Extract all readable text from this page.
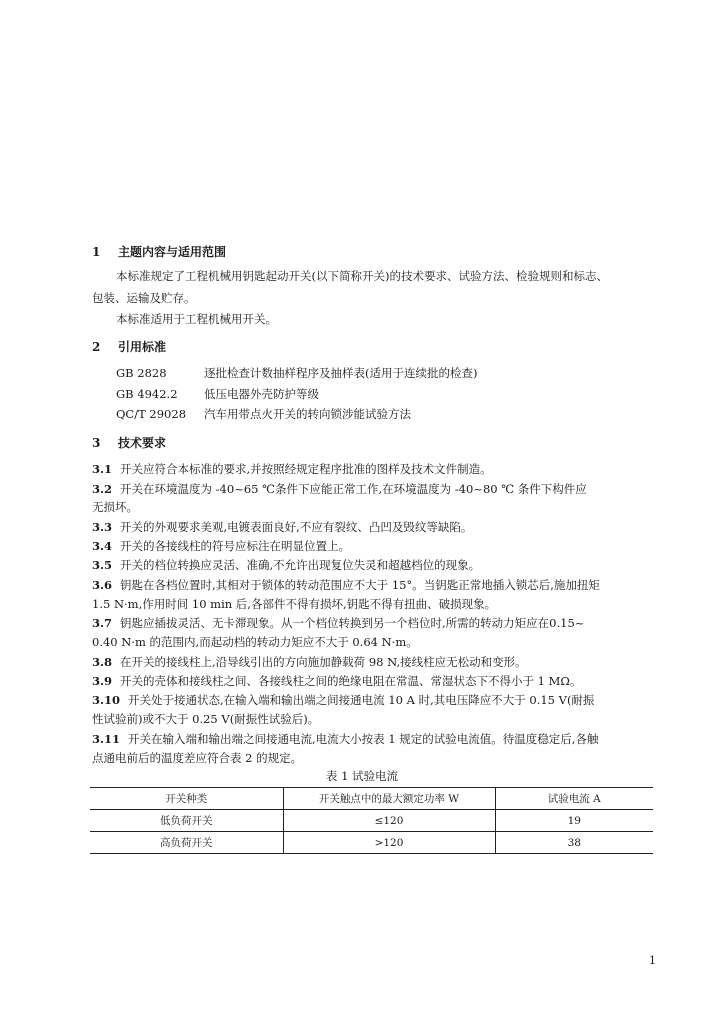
1 主题内容与适用范围
本标准规定了工程机械用钥匙起动开关(以下简称开关)的技术要求、试验方法、检验规则和标志、
包装、运输及贮存。
本标准适用于工程机械用开关。
2 引用标准
GB 2828	逐批检查计数抽样程序及抽样表(适用于连续批的检查)
GB 4942.2 低压电器外壳防护等级
QC/T 29028 汽车用带点火开关的转向锁涉能试验方法
3 技术要求
3.1 开关应符合本标准的要求,并按照经规定程序批准的图样及技术文件制造。
3.2 开关在环境温度为 -40~65 ℃条件下应能正常工作,在环境温度为 -40~80 ℃ 条件下构件应
无损坏。
3.3 开关的外观要求美观,电镀表面良好,不应有裂纹、凸凹及毁纹等缺陷。
3.4 开关的各接线柱的符号应标注在明显位置上。
3.5 开关的档位转换应灵活、准确,不允许出现复位失灵和超越档位的现象。
3.6 钥匙在各档位置时,其相对于锁体的转动范围应不大于 15°。当钥匙正常地插入锁芯后,施加扭矩
1.5 N·m,作用时间 10 min 后,各部件不得有损坏,钥匙不得有扭曲、破损现象。
3.7 钥匙应插拔灵活、无卡滞现象。从一个档位转换到另一个档位时,所需的转动力矩应在0.15~
0.40 N·m 的范围内,而起动档的转动力矩应不大于 0.64 N·m。
3.8 在开关的接线柱上,沿导线引出的方向施加静载荷 98 N,接线柱应无松动和变形。
3.9 开关的壳体和接线柱之间、各接线柱之间的绝缘电阻在常温、常湿状态下不得小于 1 MΩ。
3.10 开关处于接通状态,在输入端和输出端之间接通电流 10 A 时,其电压降应不大于 0.15 V(耐振
性试验前)或不大于 0.25 V(耐振性试验后)。
3.11 开关在输入端和输出端之间接通电流,电流大小按表 1 规定的试验电流值。待温度稳定后,各触
点通电前后的温度差应符合表 2 的规定。
表 1 试验电流
开关种类	开关触点中的最大额定功率 W	试验电流 A
低负荷开关	≤120	19
高负荷开关	>120	38
1
